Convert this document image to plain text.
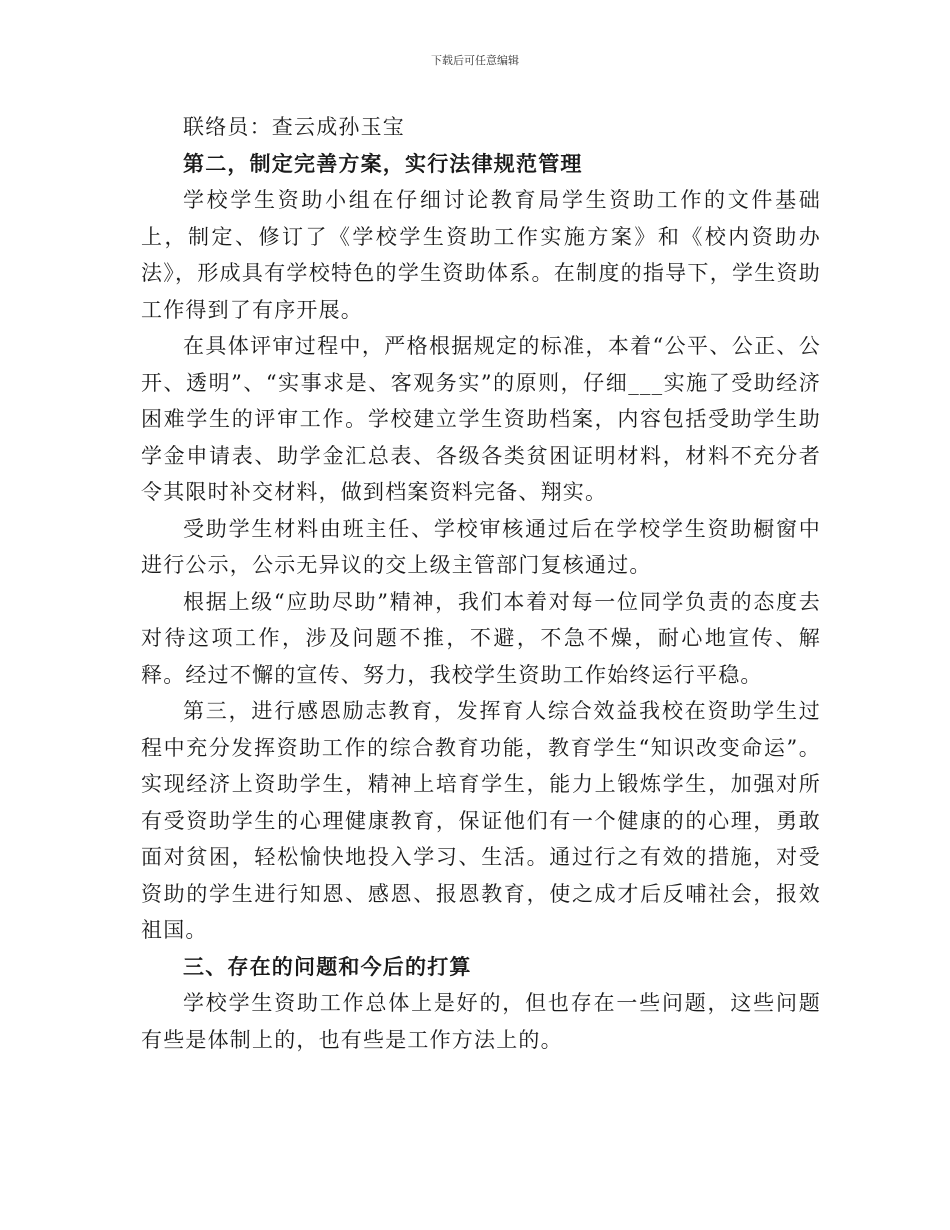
下载后可任意编辑

联络员：查云成孙玉宝

第二，制定完善方案，实行法律规范管理

学校学生资助小组在仔细讨论教育局学生资助工作的文件基础上，制定、修订了《学校学生资助工作实施方案》和《校内资助办法》，形成具有学校特色的学生资助体系。在制度的指导下，学生资助工作得到了有序开展。

在具体评审过程中，严格根据规定的标准，本着“公平、公正、公开、透明”、“实事求是、客观务实”的原则，仔细___实施了受助经济困难学生的评审工作。学校建立学生资助档案，内容包括受助学生助学金申请表、助学金汇总表、各级各类贫困证明材料，材料不充分者令其限时补交材料，做到档案资料完备、翔实。

受助学生材料由班主任、学校审核通过后在学校学生资助橱窗中进行公示，公示无异议的交上级主管部门复核通过。

根据上级“应助尽助”精神，我们本着对每一位同学负责的态度去对待这项工作，涉及问题不推，不避，不急不燥，耐心地宣传、解释。经过不懈的宣传、努力，我校学生资助工作始终运行平稳。

第三，进行感恩励志教育，发挥育人综合效益我校在资助学生过程中充分发挥资助工作的综合教育功能，教育学生“知识改变命运”。实现经济上资助学生，精神上培育学生，能力上锻炼学生，加强对所有受资助学生的心理健康教育，保证他们有一个健康的的心理，勇敢面对贫困，轻松愉快地投入学习、生活。通过行之有效的措施，对受资助的学生进行知恩、感恩、报恩教育，使之成才后反哺社会，报效祖国。

三、存在的问题和今后的打算

学校学生资助工作总体上是好的，但也存在一些问题，这些问题有些是体制上的，也有些是工作方法上的。
